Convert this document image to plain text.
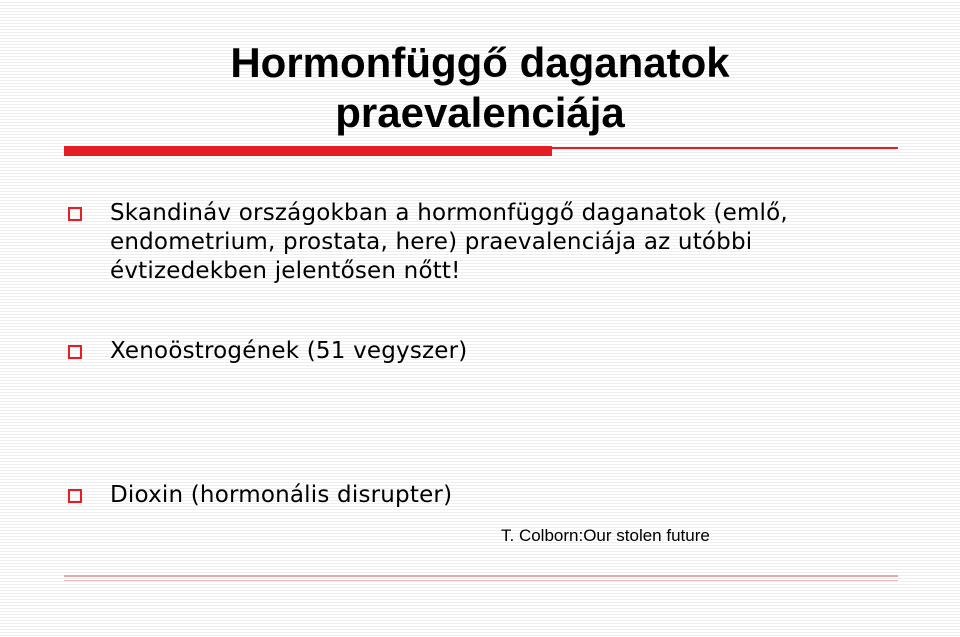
Hormonfüggő daganatok
praevalenciája
Skandináv országokban a hormonfüggő daganatok (emlő, endometrium, prostata, here) praevalenciája az utóbbi évtizedekben jelentősen nőtt!
Xenoöstrogének (51 vegyszer)
Dioxin (hormonális disrupter)
T. Colborn:Our stolen future
